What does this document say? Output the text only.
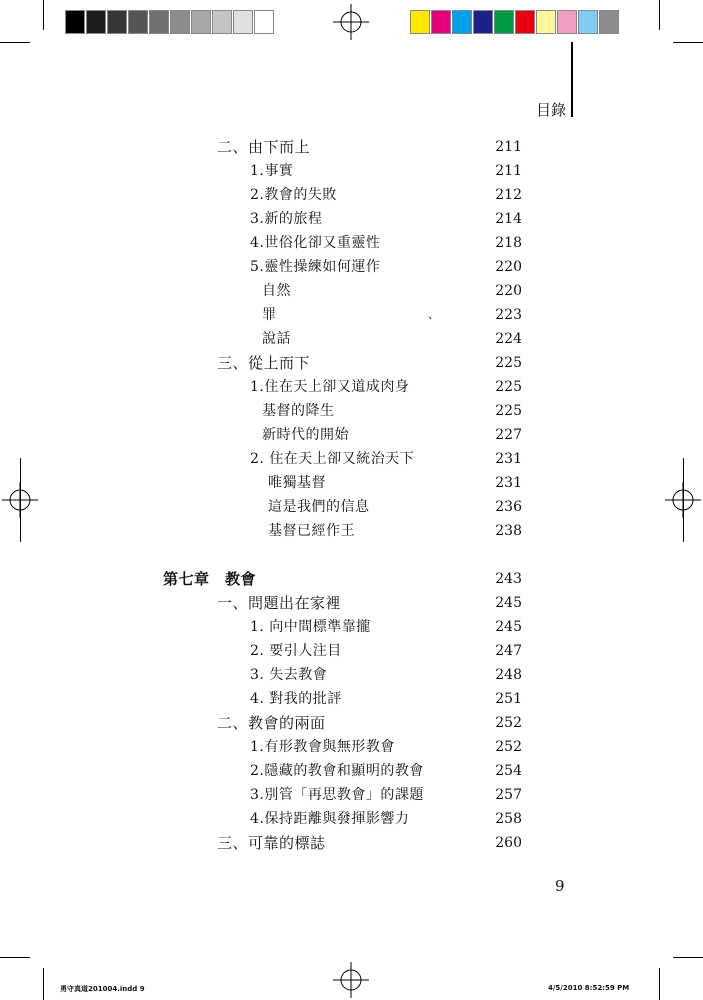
目錄
二、由下而上	211
1.事實	211
2.教會的失敗	212
3.新的旅程	214
4.世俗化卻又重靈性	218
5.靈性操練如何運作	220
自然	220
罪	223
說話	224
三、從上而下	225
1.住在天上卻又道成肉身	225
基督的降生	225
新時代的開始	227
2. 住在天上卻又統治天下	231
唯獨基督	231
這是我們的信息	236
基督已經作王	238
第七章　教會	243
一、問題出在家裡	245
1. 向中間標準靠攏	245
2. 要引人注目	247
3. 失去教會	248
4. 對我的批評	251
二、教會的兩面	252
1.有形教會與無形教會	252
2.隱藏的教會和顯明的教會	254
3.別管「再思教會」的課題	257
4.保持距離與發揮影響力	258
三、可靠的標誌	260
、
9
勇守真道201004.indd 9	4/5/2010 8:52:59 PM
